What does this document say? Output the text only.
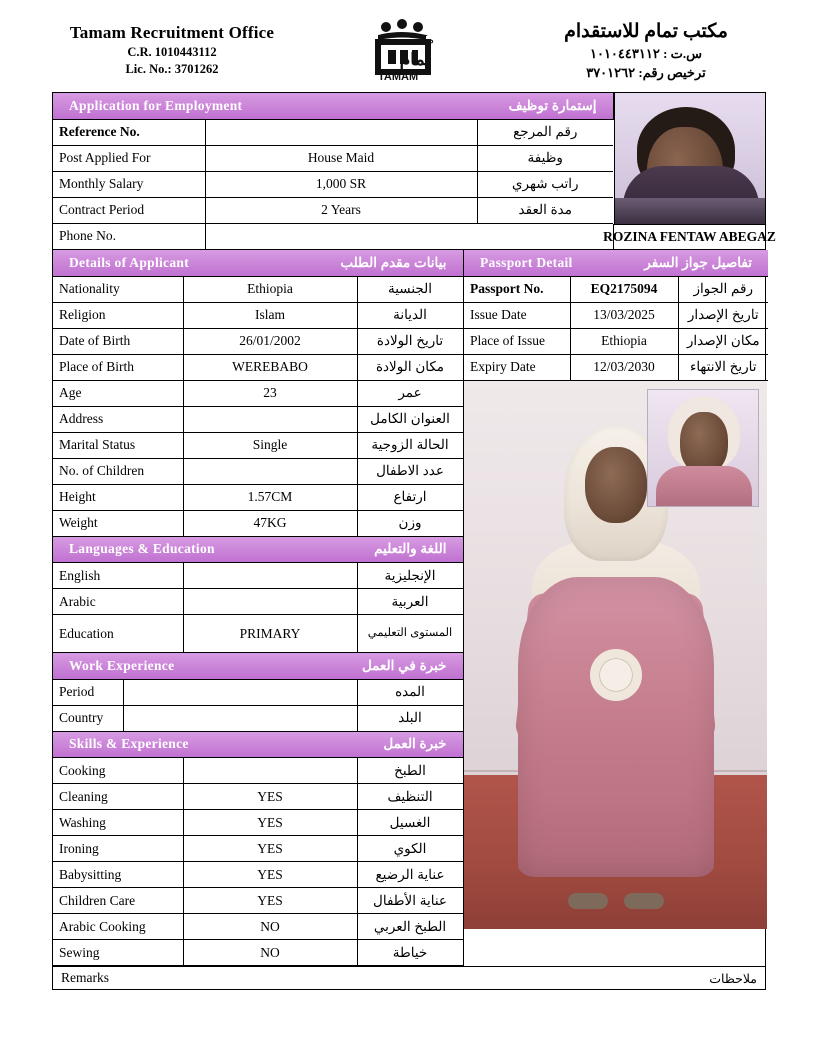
Tamam Recruitment Office
C.R. 1010443112
Lic. No.: 3701262
TAMAM
تمام
مكتب	مكتب تمام للاستقدام
س.ت : ١٠١٠٤٤٣١١٢
ترخيص رقم: ٣٧٠١٢٦٢
Application for Employment إستمارة توظيف		

Reference No.		رقم المرجع
Post Applied For	House Maid	وظيفة
Monthly Salary	1,000 SR	راتب شهري
Contract Period	2 Years	مدة العقد
Phone No.		ROZINA FENTAW ABEGAZ
Details of Applicant بيانات مقدم الطلب		

Nationality	Ethiopia	الجنسية
Religion	Islam	الديانة
Date of Birth	26/01/2002	تاريخ الولادة
Place of Birth	WEREBABO	مكان الولادة
Age	23	عمر
Address		العنوان الكامل
Marital Status	Single	الحالة الزوجية
No. of Children		عدد الاطفال
Height	1.57CM	ارتفاع
Weight	47KG	وزن
Languages & Education اللغة والتعليم		

English		الإنجليزية
Arabic		العربية
Education	PRIMARY	المستوى التعليمي
Work Experience خبرة في العمل		

Period		المده
Country		البلد
Skills & Experience خبرة العمل		

Cooking		الطبخ
Cleaning	YES	التنظيف
Washing	YES	الغسيل
Ironing	YES	الكوي
Babysitting	YES	عناية الرضيع
Children Care	YES	عناية الأطفال
Arabic Cooking	NO	الطبخ العربي
Sewing	NO	خياطة
Passport Detail تفاصيل جواز السفر		

Passport No.	EQ2175094	رقم الجواز
Issue Date	13/03/2025	تاريخ الإصدار
Place of Issue	Ethiopia	مكان الإصدار
Expiry Date	12/03/2030	تاريخ الانتهاء
Remarks	ملاحظات
